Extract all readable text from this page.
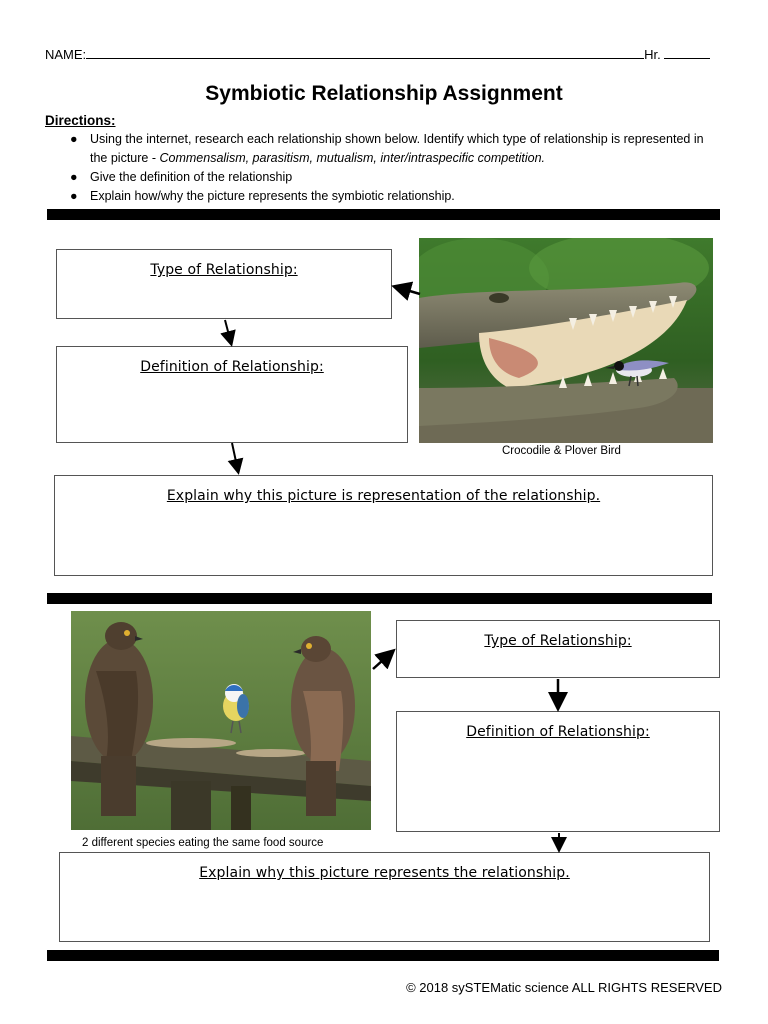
NAME:	Hr.
Symbiotic Relationship Assignment
Directions:
● Using the internet, research each relationship shown below. Identify which type of relationship is represented in the picture - Commensalism, parasitism, mutualism, inter/intraspecific competition.
● Give the definition of the relationship
● Explain how/why the picture represents the symbiotic relationship.
Type of Relationship:
Definition of Relationship:
Crocodile & Plover Bird
Explain why this picture is representation of the relationship.
2 different species eating the same food source
Type of Relationship:
Definition of Relationship:
Explain why this picture represents the relationship.
© 2018 sySTEMatic science ALL RIGHTS RESERVED
